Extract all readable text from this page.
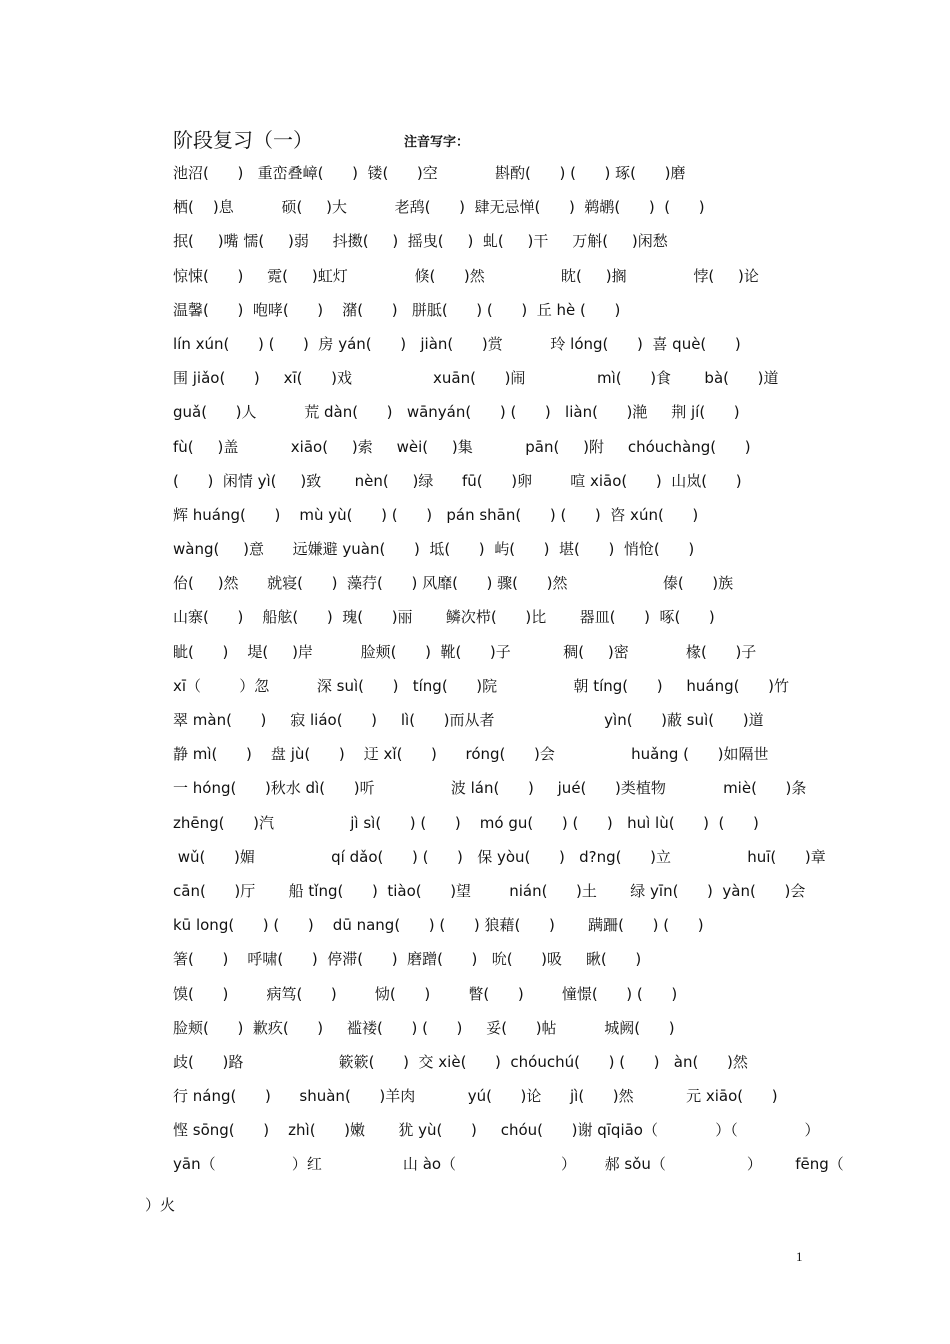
阶段复习（一）	注音写字：
池沼(      )   重峦叠嶂(      )  镂(      )空            斟酌(      ) (      ) 琢(      )磨
栖(    )息          硕(     )大          老鸹(      )  肆无忌惮(      )  鹈鹕(      )  (      )
抿(     )嘴 懦(     )弱     抖擞(     )  摇曳(     )  虬(     )干     万斛(     )闲愁
惊悚(      )     霓(     )虹灯              倏(      )然                眈(     )搁              悖(     )论
温馨(      )  咆哮(      )    潴(      )   胼胝(      ) (      )  丘 hè (      )
lín xún(      ) (      )  房 yán(      )   jiàn(      )赏          玲 lóng(      )  喜 què(      )
围 jiǎo(      )     xī(      )戏                 xuān(      )闹               mì(      )食       bà(      )道
guǎ(      )人          荒 dàn(      )   wānyán(      ) (      )   liàn(      )滟     荆 jí(      )
fù(     )盖           xiāo(     )索     wèi(     )集           pān(     )附     chóuchàng(      )
(      )  闲情 yì(     )致       nèn(     )绿      fū(      )卵        喧 xiāo(      )  山岚(      )
辉 huáng(      )    mù yù(      ) (      )   pán shān(      ) (      )  咨 xún(      )
wàng(     )意      远嫌避 yuàn(      )  坻(      )  屿(      )  堪(      )  悄怆(      )
佁(     )然      就寝(      )  藻荇(      ) 风靡(      ) 骤(      )然                    傣(      )族
山寨(      )    船舷(      )  瑰(      )丽       鳞次栉(      )比       器皿(      )  啄(      )
眦(      )    堤(     )岸          脸颊(      )  靴(      )子           稠(     )密            椽(      )子
xī（        ）忽          深 suì(      )   tíng(      )院                朝 tíng(      )     huáng(      )竹
翠 màn(      )     寂 liáo(      )     lì(      )而从者                       yìn(      )蔽 suì(      )道
静 mì(      )    盘 jù(      )    迂 xǐ(      )      róng(      )会                huǎng (      )如隔世
一 hóng(      )秋水 dì(      )听                波 lán(      )     jué(      )类植物            miè(      )条
zhēng(      )汽                jì sì(      ) (      )    mó gu(      ) (      )   huì lù(      )  (      )
wǔ(      )媚                qí dǎo(      ) (      )   保 yòu(      )   d?ng(      )立                huī(      )章
cān(      )厅       船 tǐng(      )  tiào(      )望        nián(      )土       绿 yīn(      )  yàn(      )会
kū long(      ) (      )    dū nang(      ) (      ) 狼藉(      )       蹒跚(      ) (      )
箸(      )    呼啸(      )  停滞(      )  磨蹭(      )   吮(      )吸     瞅(      )
馍(      )        病笃(      )        恸(      )        瞥(      )        憧憬(      ) (      )
脸颊(      )  歉疚(      )     褴褛(      ) (      )     妥(      )帖          城阙(      )
歧(      )路                    簌簌(      )  交 xiè(      )  chóuchú(      ) (      )   àn(      )然
行 náng(      )      shuàn(      )羊肉           yú(      )论      jì(      )然           元 xiāo(      )
悭 sōng(      )    zhì(      )嫩       犹 yù(      )     chóu(      )谢 qīqiāo（            ）（              ）
yān（                ）红                 山 ào（                      ）      郝 sǒu（                 ）       fēng（
）火
1
